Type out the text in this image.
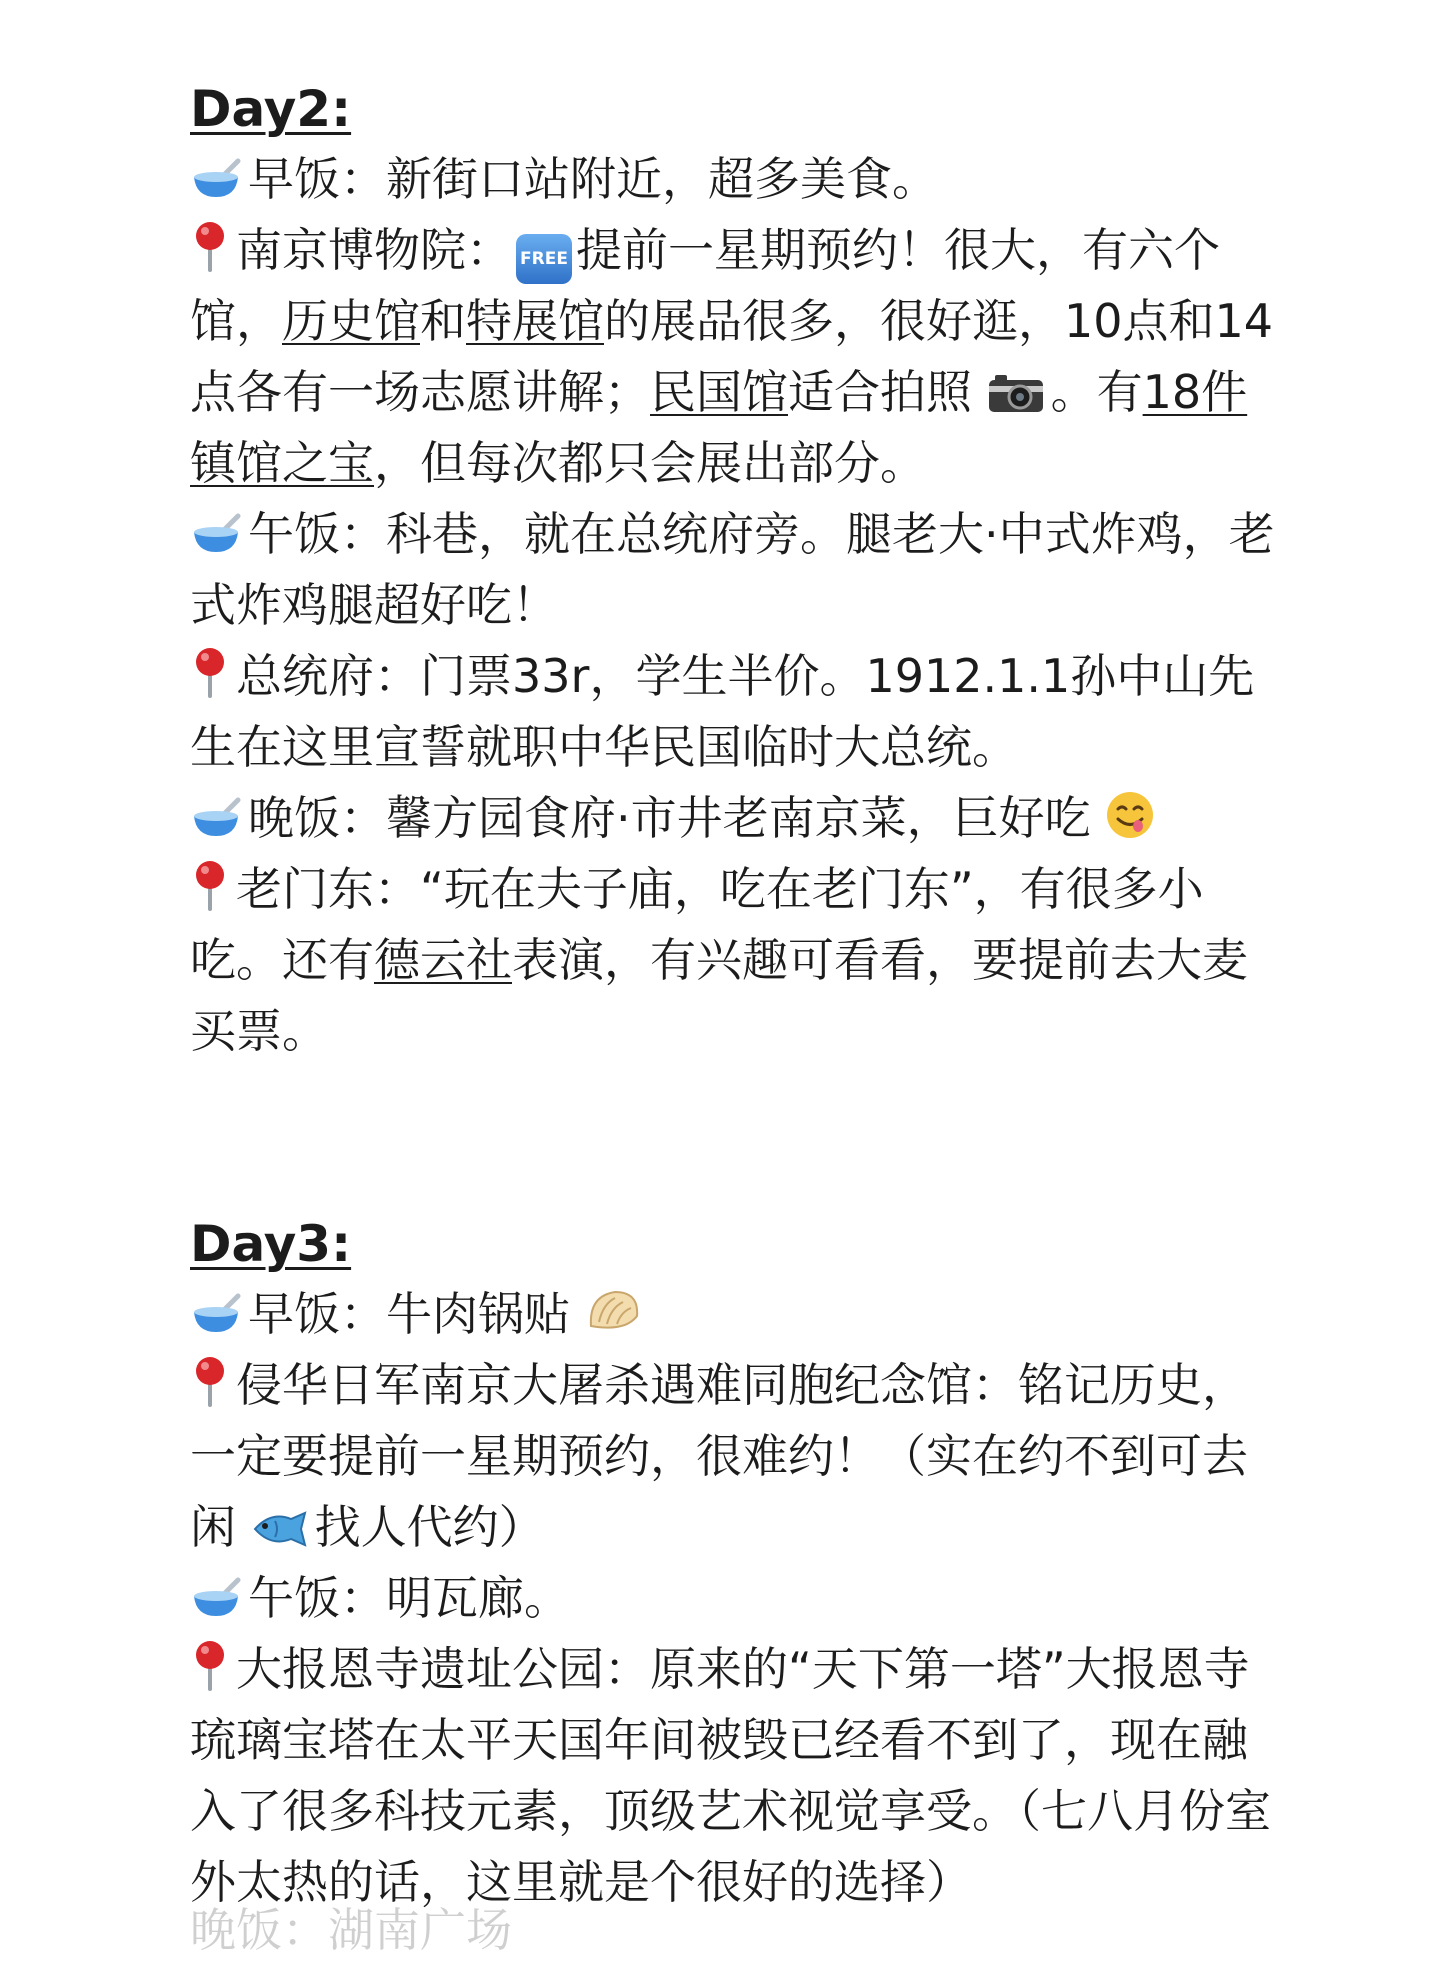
Day2:

早饭：新街口站附近，超多美食。

南京博物院： FREE 提前一星期预约！很大，有六个馆，历史馆和特展馆的展品很多，很好逛，10点和14点各有一场志愿讲解；民国馆适合拍照 。有18件镇馆之宝，但每次都只会展出部分。

午饭：科巷，就在总统府旁。腿老大·中式炸鸡，老式炸鸡腿超好吃！

总统府：门票33r，学生半价。1912.1.1孙中山先生在这里宣誓就职中华民国临时大总统。

晚饭：馨方园食府·市井老南京菜，巨好吃

老门东：“玩在夫子庙，吃在老门东”，有很多小吃。还有德云社表演，有兴趣可看看，要提前去大麦买票。

Day3:

早饭：牛肉锅贴

侵华日军南京大屠杀遇难同胞纪念馆：铭记历史，一定要提前一星期预约，很难约！（实在约不到可去闲 找人代约）

午饭：明瓦廊。

大报恩寺遗址公园：原来的“天下第一塔”大报恩寺琉璃宝塔在太平天国年间被毁已经看不到了，现在融入了很多科技元素，顶级艺术视觉享受。（七八月份室外太热的话，这里就是个很好的选择）

晚饭：湖南广场
